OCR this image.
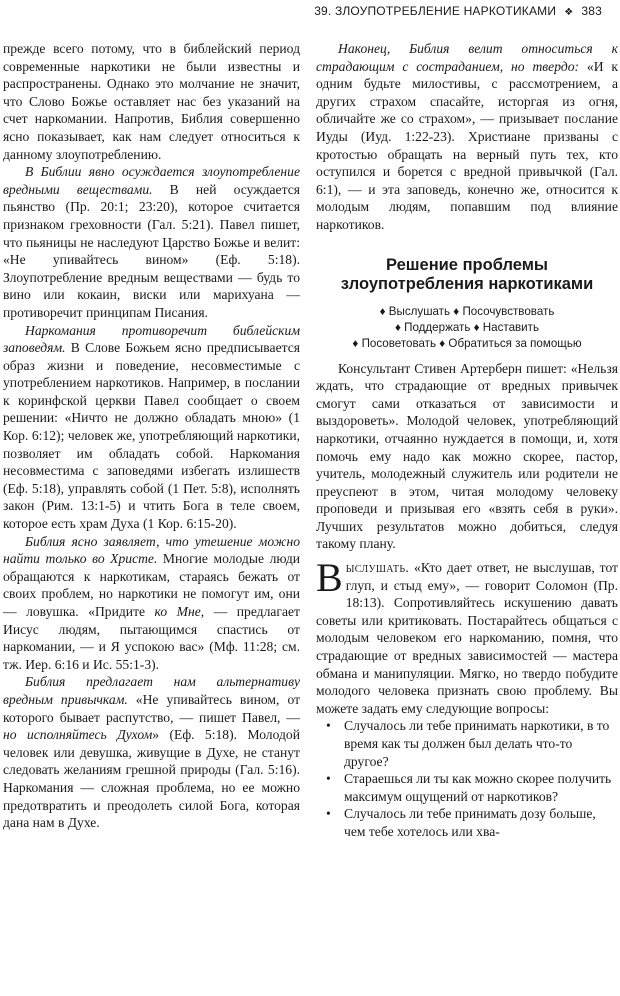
39. ЗЛОУПОТРЕБЛЕНИЕ НАРКОТИКАМИ ❖ 383

прежде всего потому, что в библейский период современные наркотики не были известны и распространены. Однако это молчание не значит, что Слово Божье оставляет нас без указаний на счет наркомании. Напротив, Библия совершенно ясно показывает, как нам следует относиться к данному злоупотреблению.

В Библии явно осуждается злоупотребление вредными веществами. В ней осуждается пьянство (Пр. 20:1; 23:20), которое считается признаком греховности (Гал. 5:21). Павел пишет, что пьяницы не наследуют Царство Божье и велит: «Не упивайтесь вином» (Еф. 5:18). Злоупотребление вредным веществами — будь то вино или кокаин, виски или марихуана — противоречит принципам Писания.

Наркомания противоречит библейским заповедям. В Слове Божьем ясно предписывается образ жизни и поведение, несовместимые с употреблением наркотиков. Например, в послании к коринфской церкви Павел сообщает о своем решении: «Ничто не должно обладать мною» (1 Кор. 6:12); человек же, употребляющий наркотики, позволяет им обладать собой. Наркомания несовместима с заповедями избегать излишеств (Еф. 5:18), управлять собой (1 Пет. 5:8), исполнять закон (Рим. 13:1-5) и чтить Бога в теле своем, которое есть храм Духа (1 Кор. 6:15-20).

Библия ясно заявляет, что утешение можно найти только во Христе. Многие молодые люди обращаются к наркотикам, стараясь бежать от своих проблем, но наркотики не помогут им, они — ловушка. «Придите ко Мне, — предлагает Иисус людям, пытающимся спастись от наркомании, — и Я успокою вас» (Мф. 11:28; см. тж. Иер. 6:16 и Ис. 55:1-3).

Библия предлагает нам альтернативу вредным привычкам. «Не упивайтесь вином, от которого бывает распутство, — пишет Павел, — но исполняйтесь Духом» (Еф. 5:18). Молодой человек или девушка, живущие в Духе, не станут следовать желаниям грешной природы (Гал. 5:16). Наркомания — сложная проблема, но ее можно предотвратить и преодолеть силой Бога, которая дана нам в Духе.

Наконец, Библия велит относиться к страдающим с состраданием, но твердо: «И к одним будьте милостивы, с рассмотрением, а других страхом спасайте, исторгая из огня, обличайте же со страхом», — призывает послание Иуды (Иуд. 1:22-23). Христиане призваны с кротостью обращать на верный путь тех, кто оступился и борется с вредной привычкой (Гал. 6:1), — и эта заповедь, конечно же, относится к молодым людям, попавшим под влияние наркотиков.

Решение проблемы злоупотребления наркотиками
♦ Выслушать ♦ Посочувствовать
♦ Поддержать ♦ Наставить
♦ Посоветовать ♦ Обратиться за помощью

Консультант Стивен Артерберн пишет: «Нельзя ждать, что страдающие от вредных привычек смогут сами отказаться от зависимости и выздороветь». Молодой человек, употребляющий наркотики, отчаянно нуждается в помощи, и, хотя помочь ему надо как можно скорее, пастор, учитель, молодежный служитель или родители не преуспеют в этом, читая молодому человеку проповеди и призывая его «взять себя в руки». Лучших результатов можно добиться, следуя такому плану.

Выслушать. «Кто дает ответ, не выслушав, тот глуп, и стыд ему», — говорит Соломон (Пр. 18:13). Сопротивляйтесь искушению давать советы или критиковать. Постарайтесь общаться с молодым человеком его наркоманию, помня, что страдающие от вредных зависимостей — мастера обмана и манипуляции. Мягко, но твердо побудите молодого человека признать свою проблему. Вы можете задать ему следующие вопросы:

• Случалось ли тебе принимать наркотики, в то время как ты должен был делать что-то другое?
• Стараешься ли ты как можно скорее получить максимум ощущений от наркотиков?
• Случалось ли тебе принимать дозу больше, чем тебе хотелось или хва-
